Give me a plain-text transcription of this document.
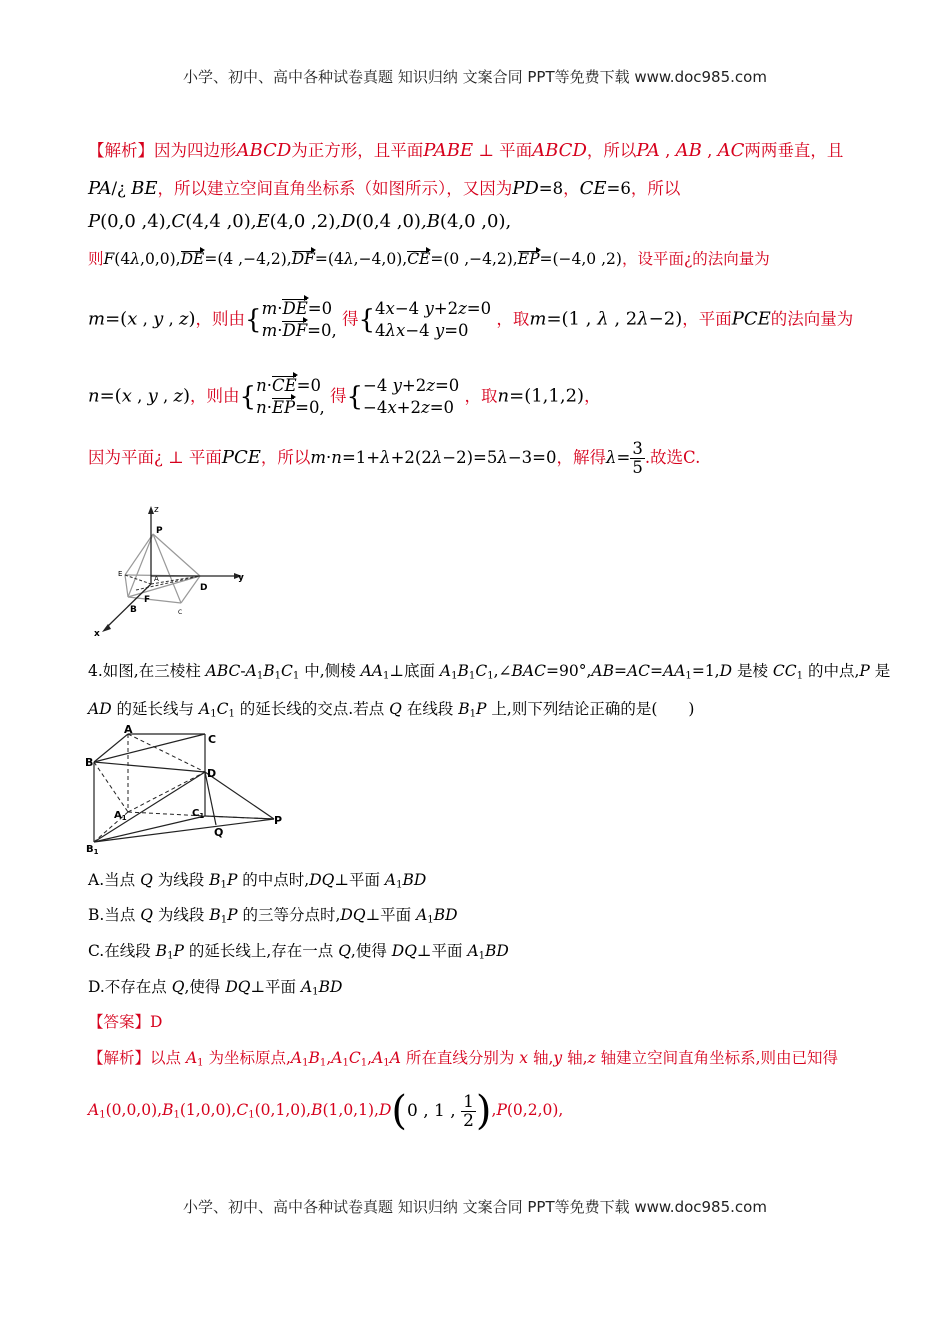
小学、初中、高中各种试卷真题 知识归纳 文案合同 PPT等免费下载 www.doc985.com
【解析】因为四边形ABCD为正方形，且平面PABE ⊥ 平面ABCD，所以PA , AB , AC两两垂直，且
PA/¿ BE，所以建立空间直角坐标系（如图所示），又因为PD=8，CE=6，所以
P(0,0 ,4),C(4,4 ,0),E(4,0 ,2),D(0,4 ,0),B(4,0 ,0),
则F(4λ,0,0),DE=(4 ,−4,2),DF=(4λ,−4,0),CE=(0 ,−4,2),EP=(−4,0 ,2)，设平面¿的法向量为
m=(x , y , z)，则由{m·DE=0
m·DF=0, 得{4x−4 y+2z=0
4λx−4 y=0 ，取m=(1 , λ , 2λ−2)，平面PCE的法向量为
n=(x , y , z)，则由{n·CE=0
n·EP=0, 得{−4 y+2z=0
−4x+2z=0 ，取n=(1,1,2)，
因为平面¿ ⊥ 平面PCE，所以m·n=1+λ+2(2λ−2)=5λ−3=0，解得$\lambda= \frac{3}{5}$ .故选C.
z
P
E
A	y
F
D
B	C
x
4.如图,在三棱柱 ABC-$A_1B_1C_1$ 中,侧棱 $AA_1\perp$底面 $A_1B_1C_1,\angle BAC=90^\circ,AB=AC=AA_1=1,D$ 是棱 $CC_1$ 的中点,P 是
AD 的延长线与 $A_1C_1$ 的延长线的交点.若点 Q 在线段 $B_1P$ 上,则下列结论正确的是(　　)
A
C
B
D
$A_1$	$C_1$	P
Q
$B_1$
A.当点 Q 为线段 $B_1P$ 的中点时,DQ⊥平面 $A_1BD$
B.当点 Q 为线段 $B_1P$ 的三等分点时,DQ⊥平面 $A_1BD$
C.在线段 $B_1P$ 的延长线上,存在一点 Q,使得 DQ⊥平面 $A_1BD$
D.不存在点 Q,使得 DQ⊥平面 $A_1BD$
【答案】D
【解析】以点 $A_1$ 为坐标原点$,A_1B_1,A_1C_1,A_1A$ 所在直线分别为 x 轴,y 轴,z 轴建立空间直角坐标系,则由已知得
$A_1(0,0,0),B_1(1,0,0),C_1(0,1,0),B(1,0,1),D(0$ , 1 , $\frac{1}{2} ),P(0,2,0)$,
小学、初中、高中各种试卷真题 知识归纳 文案合同 PPT等免费下载 www.doc985.com
